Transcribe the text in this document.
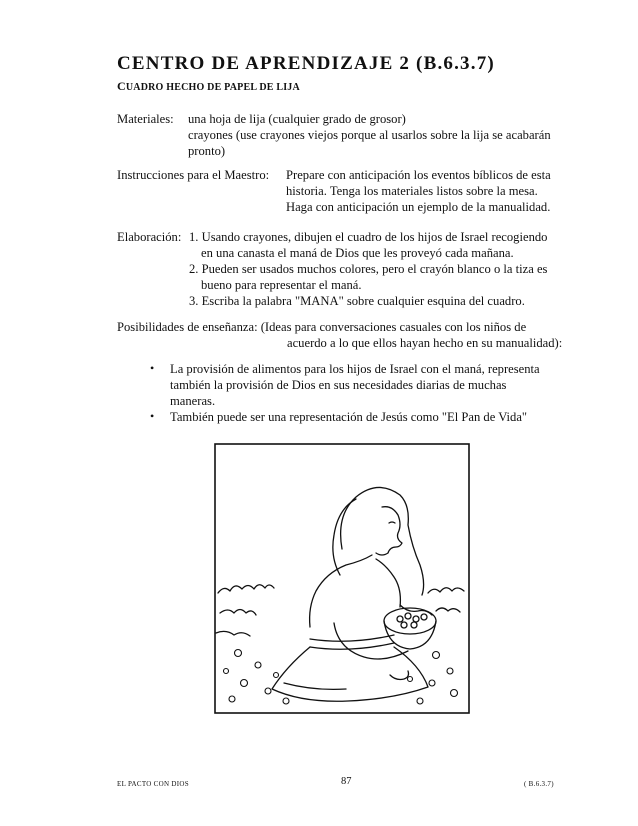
CENTRO DE APRENDIZAJE 2 (B.6.3.7)
CUADRO HECHO DE PAPEL DE LIJA
Materiales: una hoja de lija (cualquier grado de grosor)
crayones (use crayones viejos porque al usarlos sobre la lija se acabarán
pronto)
Instrucciones para el Maestro: Prepare con anticipación los eventos bíblicos de esta
historia. Tenga los materiales listos sobre la mesa.
Haga con anticipación un ejemplo de la manualidad.
Elaboración: 1. Usando crayones, dibujen el cuadro de los hijos de Israel recogiendo
en una canasta el maná de Dios que les proveyó cada mañana.
2. Pueden ser usados muchos colores, pero el crayón blanco o la tiza es
bueno para representar el maná.
3. Escriba la palabra "MANA" sobre cualquier esquina del cuadro.
Posibilidades de enseñanza: (Ideas para conversaciones casuales con los niños de
acuerdo a lo que ellos hayan hecho en su manualidad):
• La provisión de alimentos para los hijos de Israel con el maná, representa
también la provisión de Dios en sus necesidades diarias de muchas
maneras.
• También puede ser una representación de Jesús como "El Pan de Vida"
EL PACTO CON DIOS	87	( B.6.3.7)
